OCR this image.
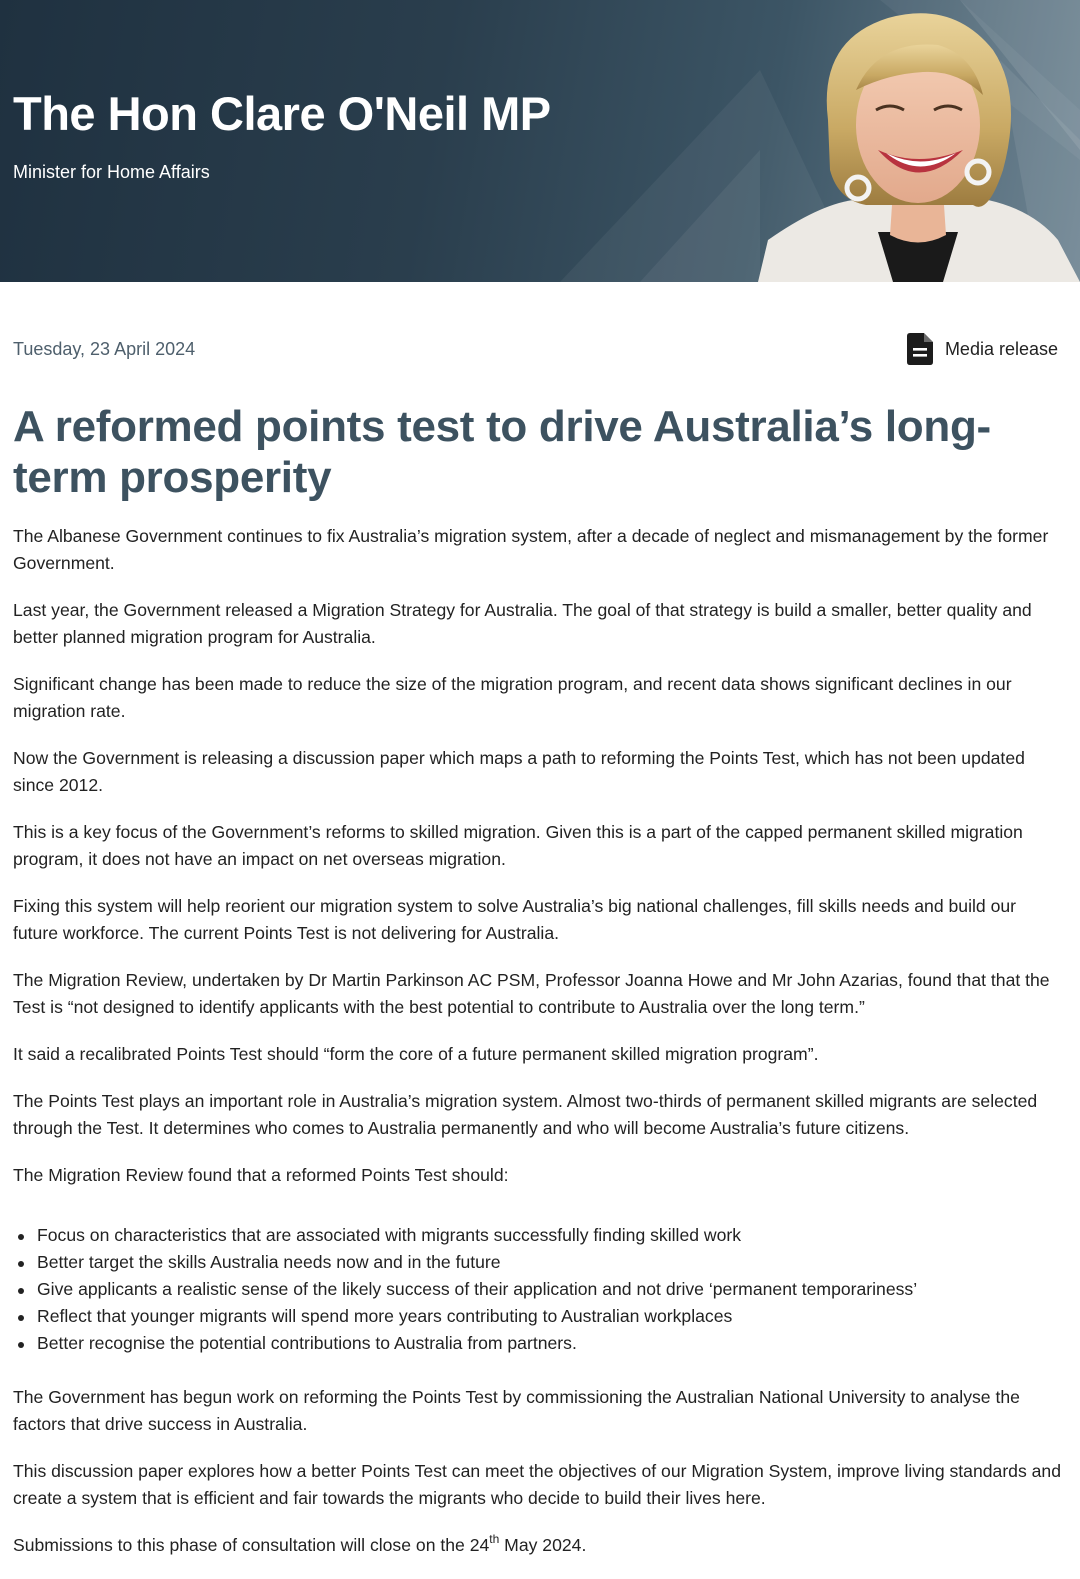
The Hon Clare O'Neil MP
Minister for Home Affairs
Tuesday, 23 April 2024	Media release
A reformed points test to drive Australia’s long-term prosperity

The Albanese Government continues to fix Australia’s migration system, after a decade of neglect and mismanagement by the former Government.

Last year, the Government released a Migration Strategy for Australia. The goal of that strategy is build a smaller, better quality and better planned migration program for Australia.

Significant change has been made to reduce the size of the migration program, and recent data shows significant declines in our migration rate.

Now the Government is releasing a discussion paper which maps a path to reforming the Points Test, which has not been updated since 2012.

This is a key focus of the Government’s reforms to skilled migration. Given this is a part of the capped permanent skilled migration program, it does not have an impact on net overseas migration.

Fixing this system will help reorient our migration system to solve Australia’s big national challenges, fill skills needs and build our future workforce. The current Points Test is not delivering for Australia.

The Migration Review, undertaken by Dr Martin Parkinson AC PSM, Professor Joanna Howe and Mr John Azarias, found that that the Test is “not designed to identify applicants with the best potential to contribute to Australia over the long term.”

It said a recalibrated Points Test should “form the core of a future permanent skilled migration program”.

The Points Test plays an important role in Australia’s migration system. Almost two-thirds of permanent skilled migrants are selected through the Test. It determines who comes to Australia permanently and who will become Australia’s future citizens.

The Migration Review found that a reformed Points Test should:

Focus on characteristics that are associated with migrants successfully finding skilled work
Better target the skills Australia needs now and in the future
Give applicants a realistic sense of the likely success of their application and not drive ‘permanent temporariness’
Reflect that younger migrants will spend more years contributing to Australian workplaces
Better recognise the potential contributions to Australia from partners.

The Government has begun work on reforming the Points Test by commissioning the Australian National University to analyse the factors that drive success in Australia.

This discussion paper explores how a better Points Test can meet the objectives of our Migration System, improve living standards and create a system that is efficient and fair towards the migrants who decide to build their lives here.

Submissions to this phase of consultation will close on the 24th May 2024.
